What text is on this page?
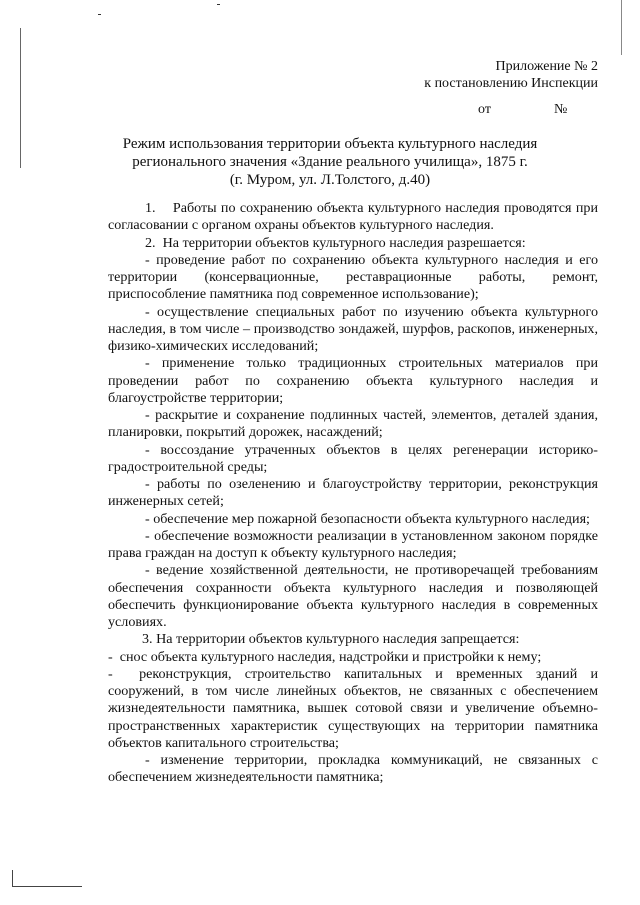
Приложение № 2
к постановлению Инспекции
от	№
Режим использования территории объекта культурного наследия
регионального значения «Здание реального училища», 1875 г.
(г. Муром, ул. Л.Толстого, д.40)

1.    Работы по сохранению объекта культурного наследия проводятся при согласовании с органом охраны объектов культурного наследия.

2.  На территории объектов культурного наследия разрешается:

- проведение работ по сохранению объекта культурного наследия и его территории (консервационные, реставрационные работы, ремонт, приспособление памятника под современное использование);

- осуществление специальных работ по изучению объекта культурного наследия, в том числе – производство зондажей, шурфов, раскопов, инженерных, физико-химических исследований;

- применение только традиционных строительных материалов при проведении работ по сохранению объекта культурного наследия и благоустройстве территории;

- раскрытие и сохранение подлинных частей, элементов, деталей здания, планировки, покрытий дорожек, насаждений;

- воссоздание утраченных объектов в целях регенерации историко-градостроительной среды;

- работы по озеленению и благоустройству территории, реконструкция инженерных сетей;

- обеспечение мер пожарной безопасности объекта культурного наследия;

- обеспечение возможности реализации в установленном законом порядке права граждан на доступ к объекту культурного наследия;

- ведение хозяйственной деятельности, не противоречащей требованиям обеспечения сохранности объекта культурного наследия и позволяющей обеспечить функционирование объекта культурного наследия в современных условиях.

3. На территории объектов культурного наследия запрещается:

-  снос объекта культурного наследия, надстройки и пристройки к нему;

-  реконструкция, строительство капитальных и временных зданий и сооружений, в том числе линейных объектов, не связанных с обеспечением жизнедеятельности памятника, вышек сотовой связи и увеличение объемно-пространственных характеристик существующих на территории памятника объектов капитального строительства;

- изменение территории, прокладка коммуникаций, не связанных с обеспечением жизнедеятельности памятника;
